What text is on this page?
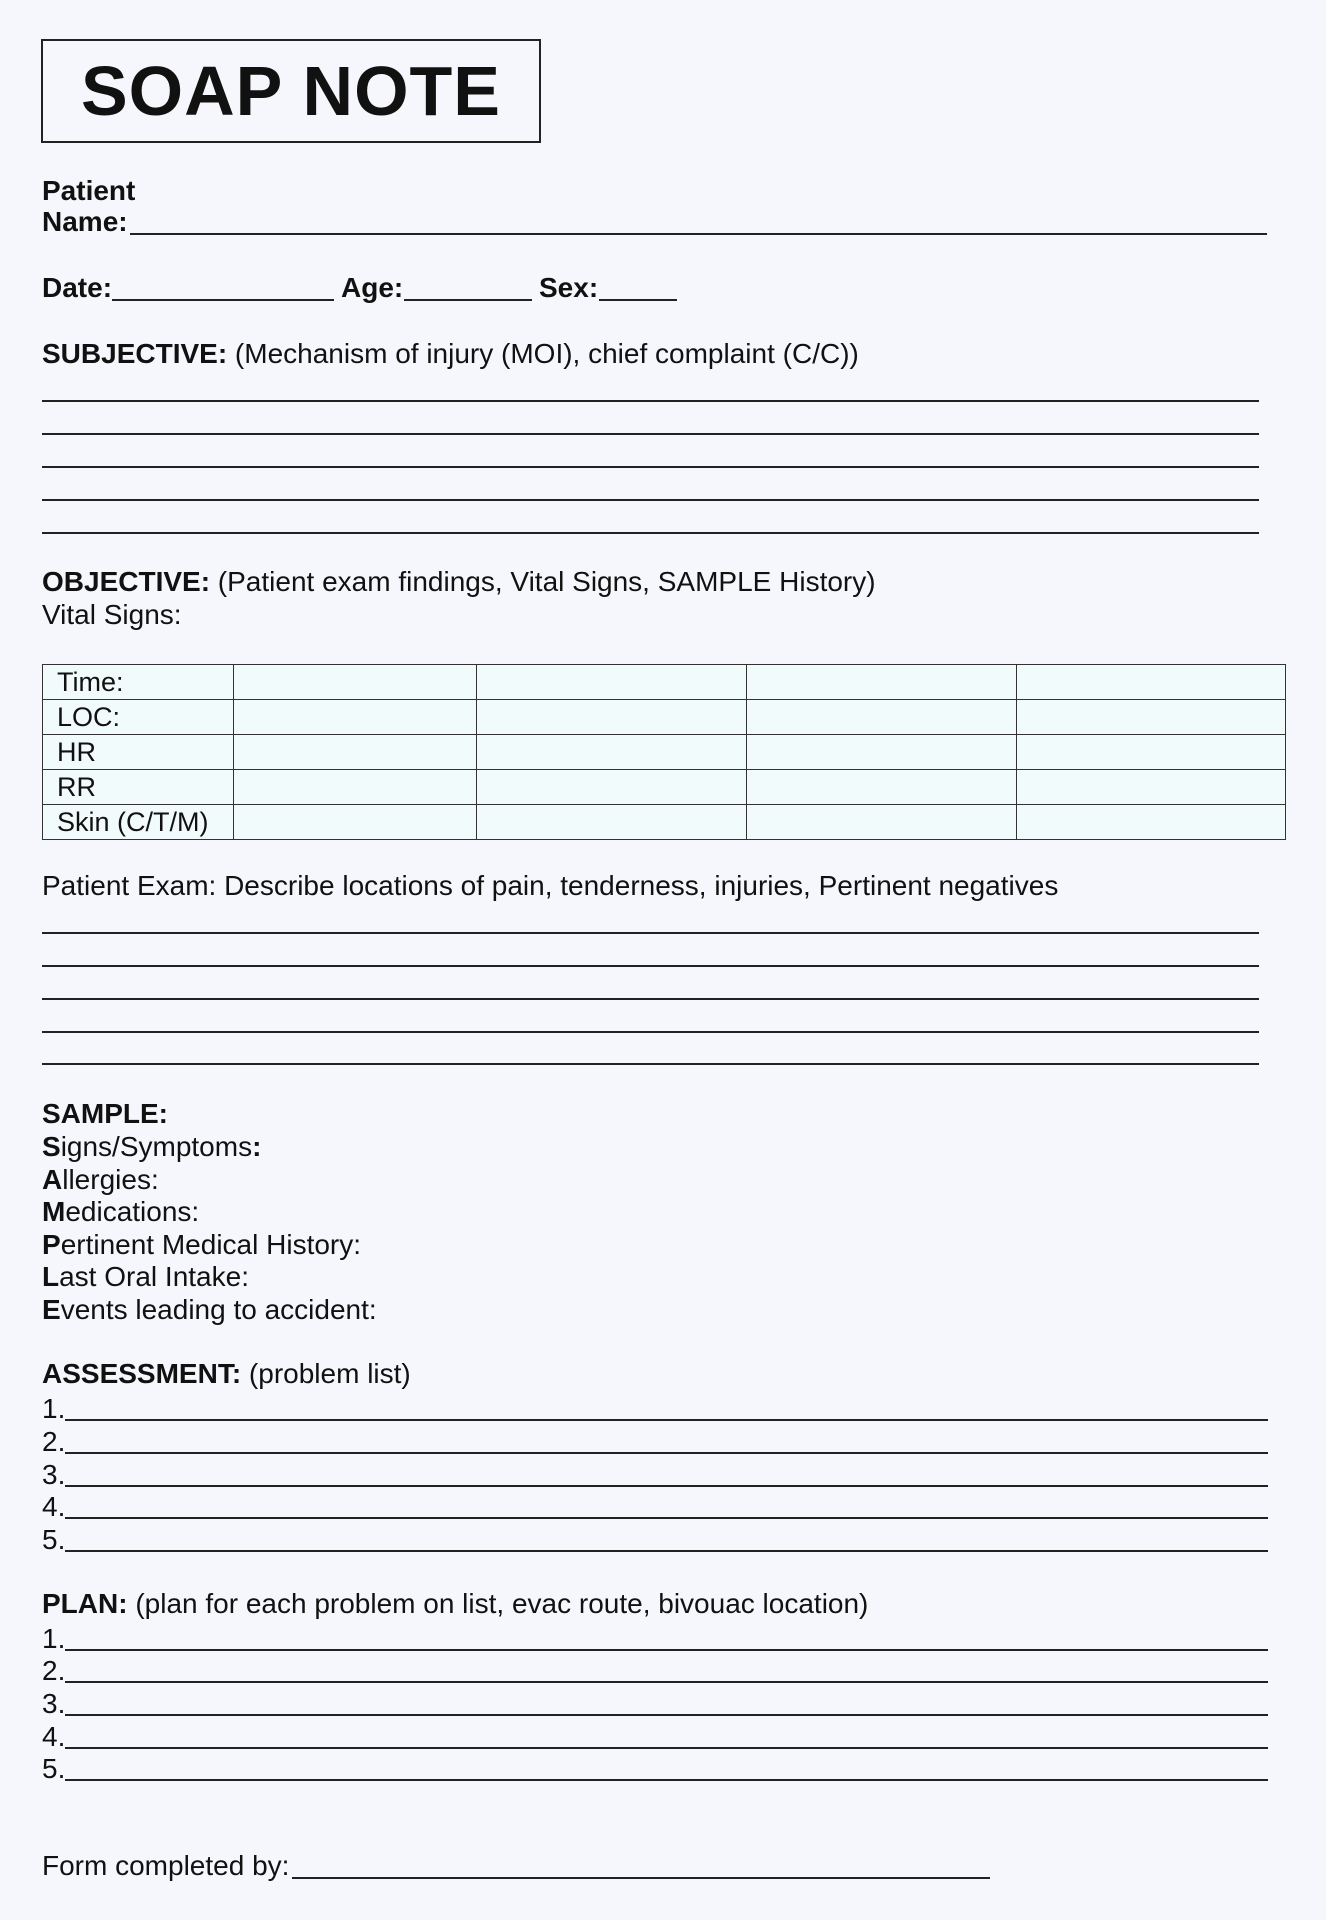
SOAP NOTE
Patient
Name:
Date:	Age:	Sex:
SUBJECTIVE: (Mechanism of injury (MOI), chief complaint (C/C))
OBJECTIVE: (Patient exam findings, Vital Signs, SAMPLE History)
Vital Signs:
Time:				
LOC:				
HR				
RR				
Skin (C/T/M)				
Patient Exam: Describe locations of pain, tenderness, injuries, Pertinent negatives
SAMPLE:
Signs/Symptoms:
Allergies:
Medications:
Pertinent Medical History:
Last Oral Intake:
Events leading to accident:
ASSESSMENT: (problem list)
1.
2.
3.
4.
5.
PLAN: (plan for each problem on list, evac route, bivouac location)
1.
2.
3.
4.
5.
Form completed by:
